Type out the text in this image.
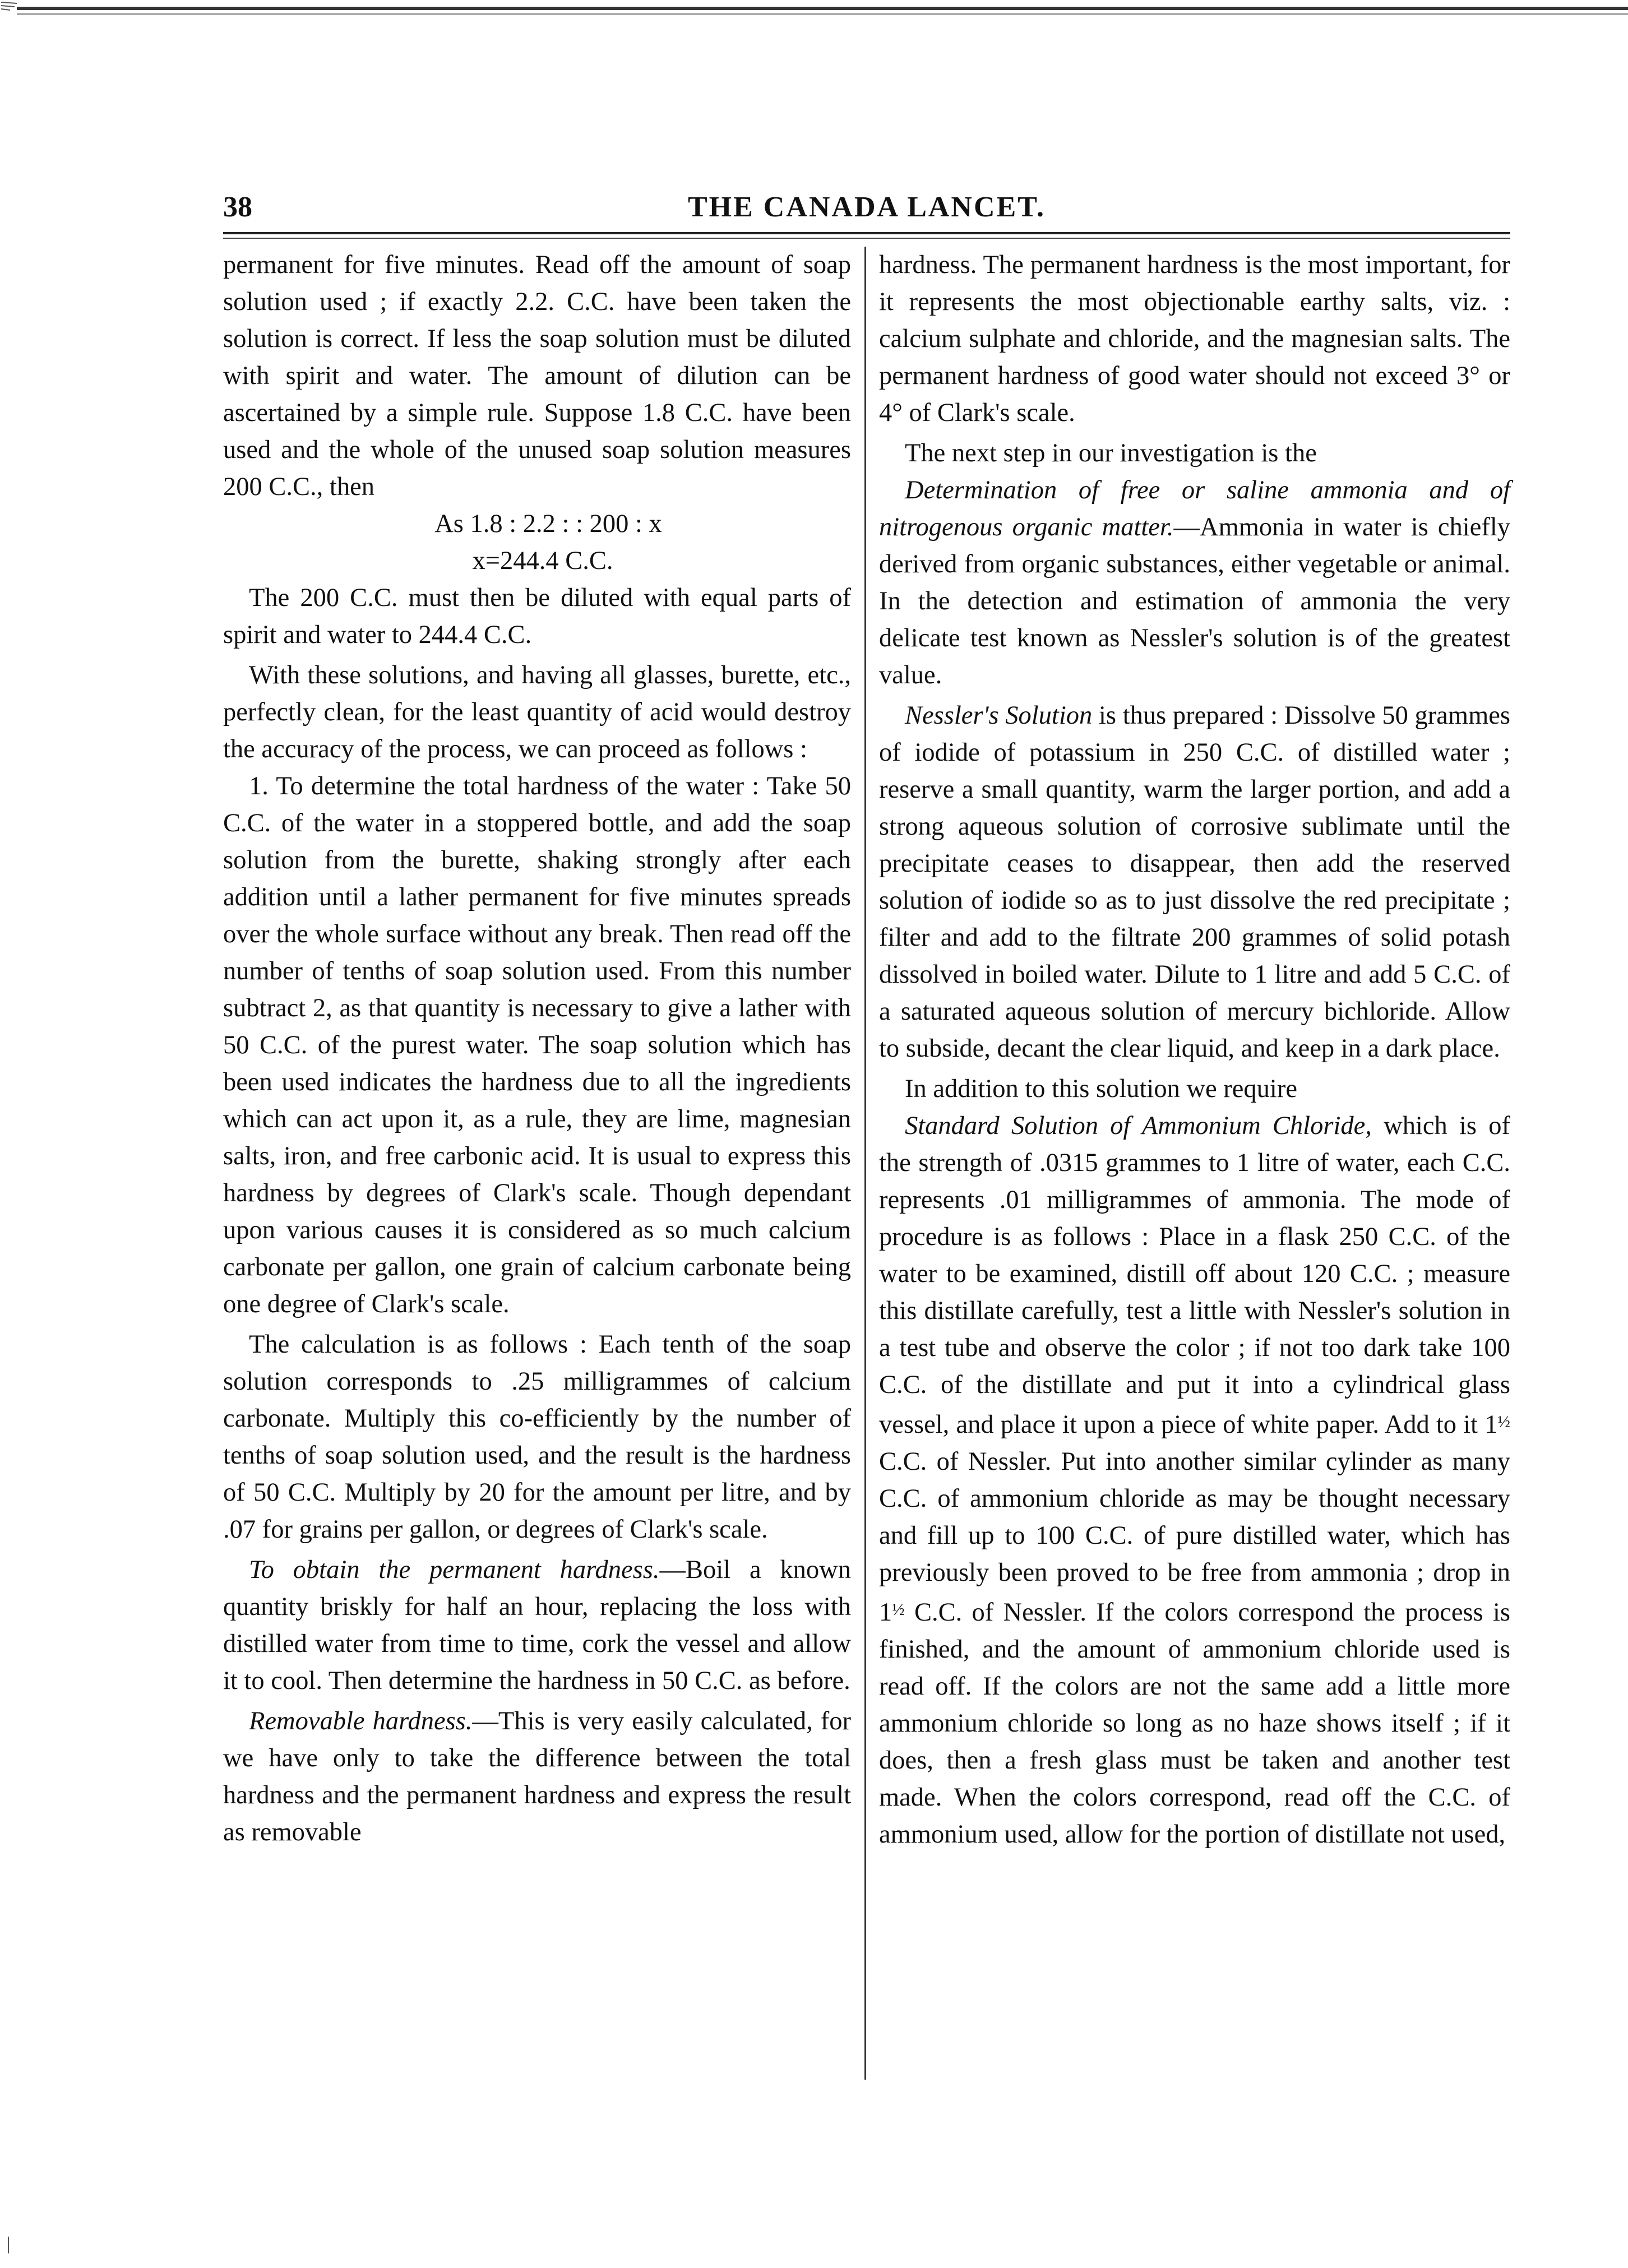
38	THE CANADA LANCET.

permanent for five minutes. Read off the amount of soap solution used ; if exactly 2.2. C.C. have been taken the solution is correct. If less the soap solution must be diluted with spirit and water. The amount of dilution can be ascertained by a simple rule. Suppose 1.8 C.C. have been used and the whole of the unused soap solution measures 200 C.C., then

As 1.8 : 2.2 : : 200 : x

x=244.4 C.C.

The 200 C.C. must then be diluted with equal parts of spirit and water to 244.4 C.C.

With these solutions, and having all glasses, burette, etc., perfectly clean, for the least quantity of acid would destroy the accuracy of the process, we can proceed as follows :

1. To determine the total hardness of the water : Take 50 C.C. of the water in a stoppered bottle, and add the soap solution from the burette, shaking strongly after each addition until a lather permanent for five minutes spreads over the whole surface without any break. Then read off the number of tenths of soap solution used. From this number subtract 2, as that quantity is necessary to give a lather with 50 C.C. of the purest water. The soap solution which has been used indicates the hardness due to all the ingredients which can act upon it, as a rule, they are lime, magnesian salts, iron, and free carbonic acid. It is usual to express this hardness by degrees of Clark's scale. Though dependant upon various causes it is considered as so much calcium carbonate per gallon, one grain of calcium carbonate being one degree of Clark's scale.

The calculation is as follows : Each tenth of the soap solution corresponds to .25 milligrammes of calcium carbonate. Multiply this co-efficiently by the number of tenths of soap solution used, and the result is the hardness of 50 C.C. Multiply by 20 for the amount per litre, and by .07 for grains per gallon, or degrees of Clark's scale.

To obtain the permanent hardness.—Boil a known quantity briskly for half an hour, replacing the loss with distilled water from time to time, cork the vessel and allow it to cool. Then determine the hardness in 50 C.C. as before.

Removable hardness.—This is very easily calculated, for we have only to take the difference between the total hardness and the permanent hardness and express the result as removable

hardness. The permanent hardness is the most important, for it represents the most objectionable earthy salts, viz. : calcium sulphate and chloride, and the magnesian salts. The permanent hardness of good water should not exceed 3° or 4° of Clark's scale.

The next step in our investigation is the

Determination of free or saline ammonia and of nitrogenous organic matter.—Ammonia in water is chiefly derived from organic substances, either vegetable or animal. In the detection and estimation of ammonia the very delicate test known as Nessler's solution is of the greatest value.

Nessler's Solution is thus prepared : Dissolve 50 grammes of iodide of potassium in 250 C.C. of distilled water ; reserve a small quantity, warm the larger portion, and add a strong aqueous solution of corrosive sublimate until the precipitate ceases to disappear, then add the reserved solution of iodide so as to just dissolve the red precipitate ; filter and add to the filtrate 200 grammes of solid potash dissolved in boiled water. Dilute to 1 litre and add 5 C.C. of a saturated aqueous solution of mercury bichloride. Allow to subside, decant the clear liquid, and keep in a dark place.

In addition to this solution we require

Standard Solution of Ammonium Chloride, which is of the strength of .0315 grammes to 1 litre of water, each C.C. represents .01 milligrammes of ammonia. The mode of procedure is as follows : Place in a flask 250 C.C. of the water to be examined, distill off about 120 C.C. ; measure this distillate carefully, test a little with Nessler's solution in a test tube and observe the color ; if not too dark take 100 C.C. of the distillate and put it into a cylindrical glass vessel, and place it upon a piece of white paper. Add to it $1^{\frac{1}{2}}$ C.C. of Nessler. Put into another similar cylinder as many C.C. of ammonium chloride as may be thought necessary and fill up to 100 C.C. of pure distilled water, which has previously been proved to be free from ammonia ; drop in $1^{\frac{1}{2}}$ C.C. of Nessler. If the colors correspond the process is finished, and the amount of ammonium chloride used is read off. If the colors are not the same add a little more ammonium chloride so long as no haze shows itself ; if it does, then a fresh glass must be taken and another test made. When the colors correspond, read off the C.C. of ammonium used, allow for the portion of distillate not used,
